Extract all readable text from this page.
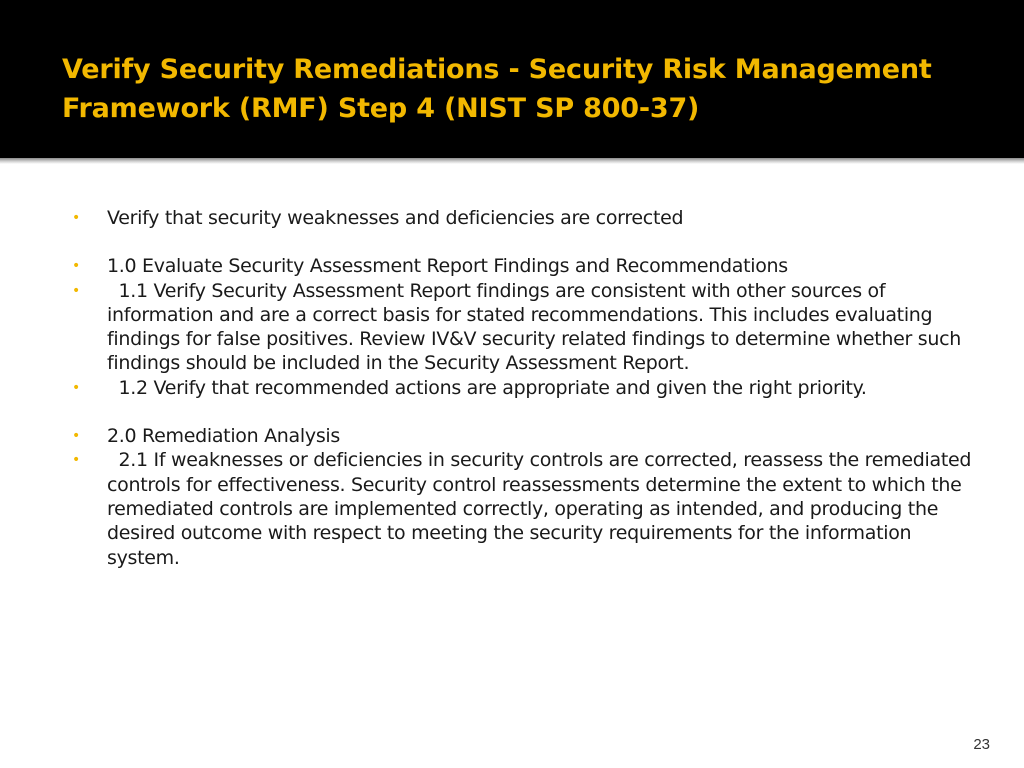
Verify Security Remediations - Security Risk Management Framework (RMF) Step 4 (NIST SP 800-37)
• Verify that security weaknesses and deficiencies are corrected
• 1.0 Evaluate Security Assessment Report Findings and Recommendations
• 1.1 Verify Security Assessment Report findings are consistent with other sources of information and are a correct basis for stated recommendations. This includes evaluating findings for false positives. Review IV&V security related findings to determine whether such findings should be included in the Security Assessment Report.
• 1.2 Verify that recommended actions are appropriate and given the right priority.
• 2.0 Remediation Analysis
• 2.1 If weaknesses or deficiencies in security controls are corrected, reassess the remediated controls for effectiveness. Security control reassessments determine the extent to which the remediated controls are implemented correctly, operating as intended, and producing the desired outcome with respect to meeting the security requirements for the information system.
23
